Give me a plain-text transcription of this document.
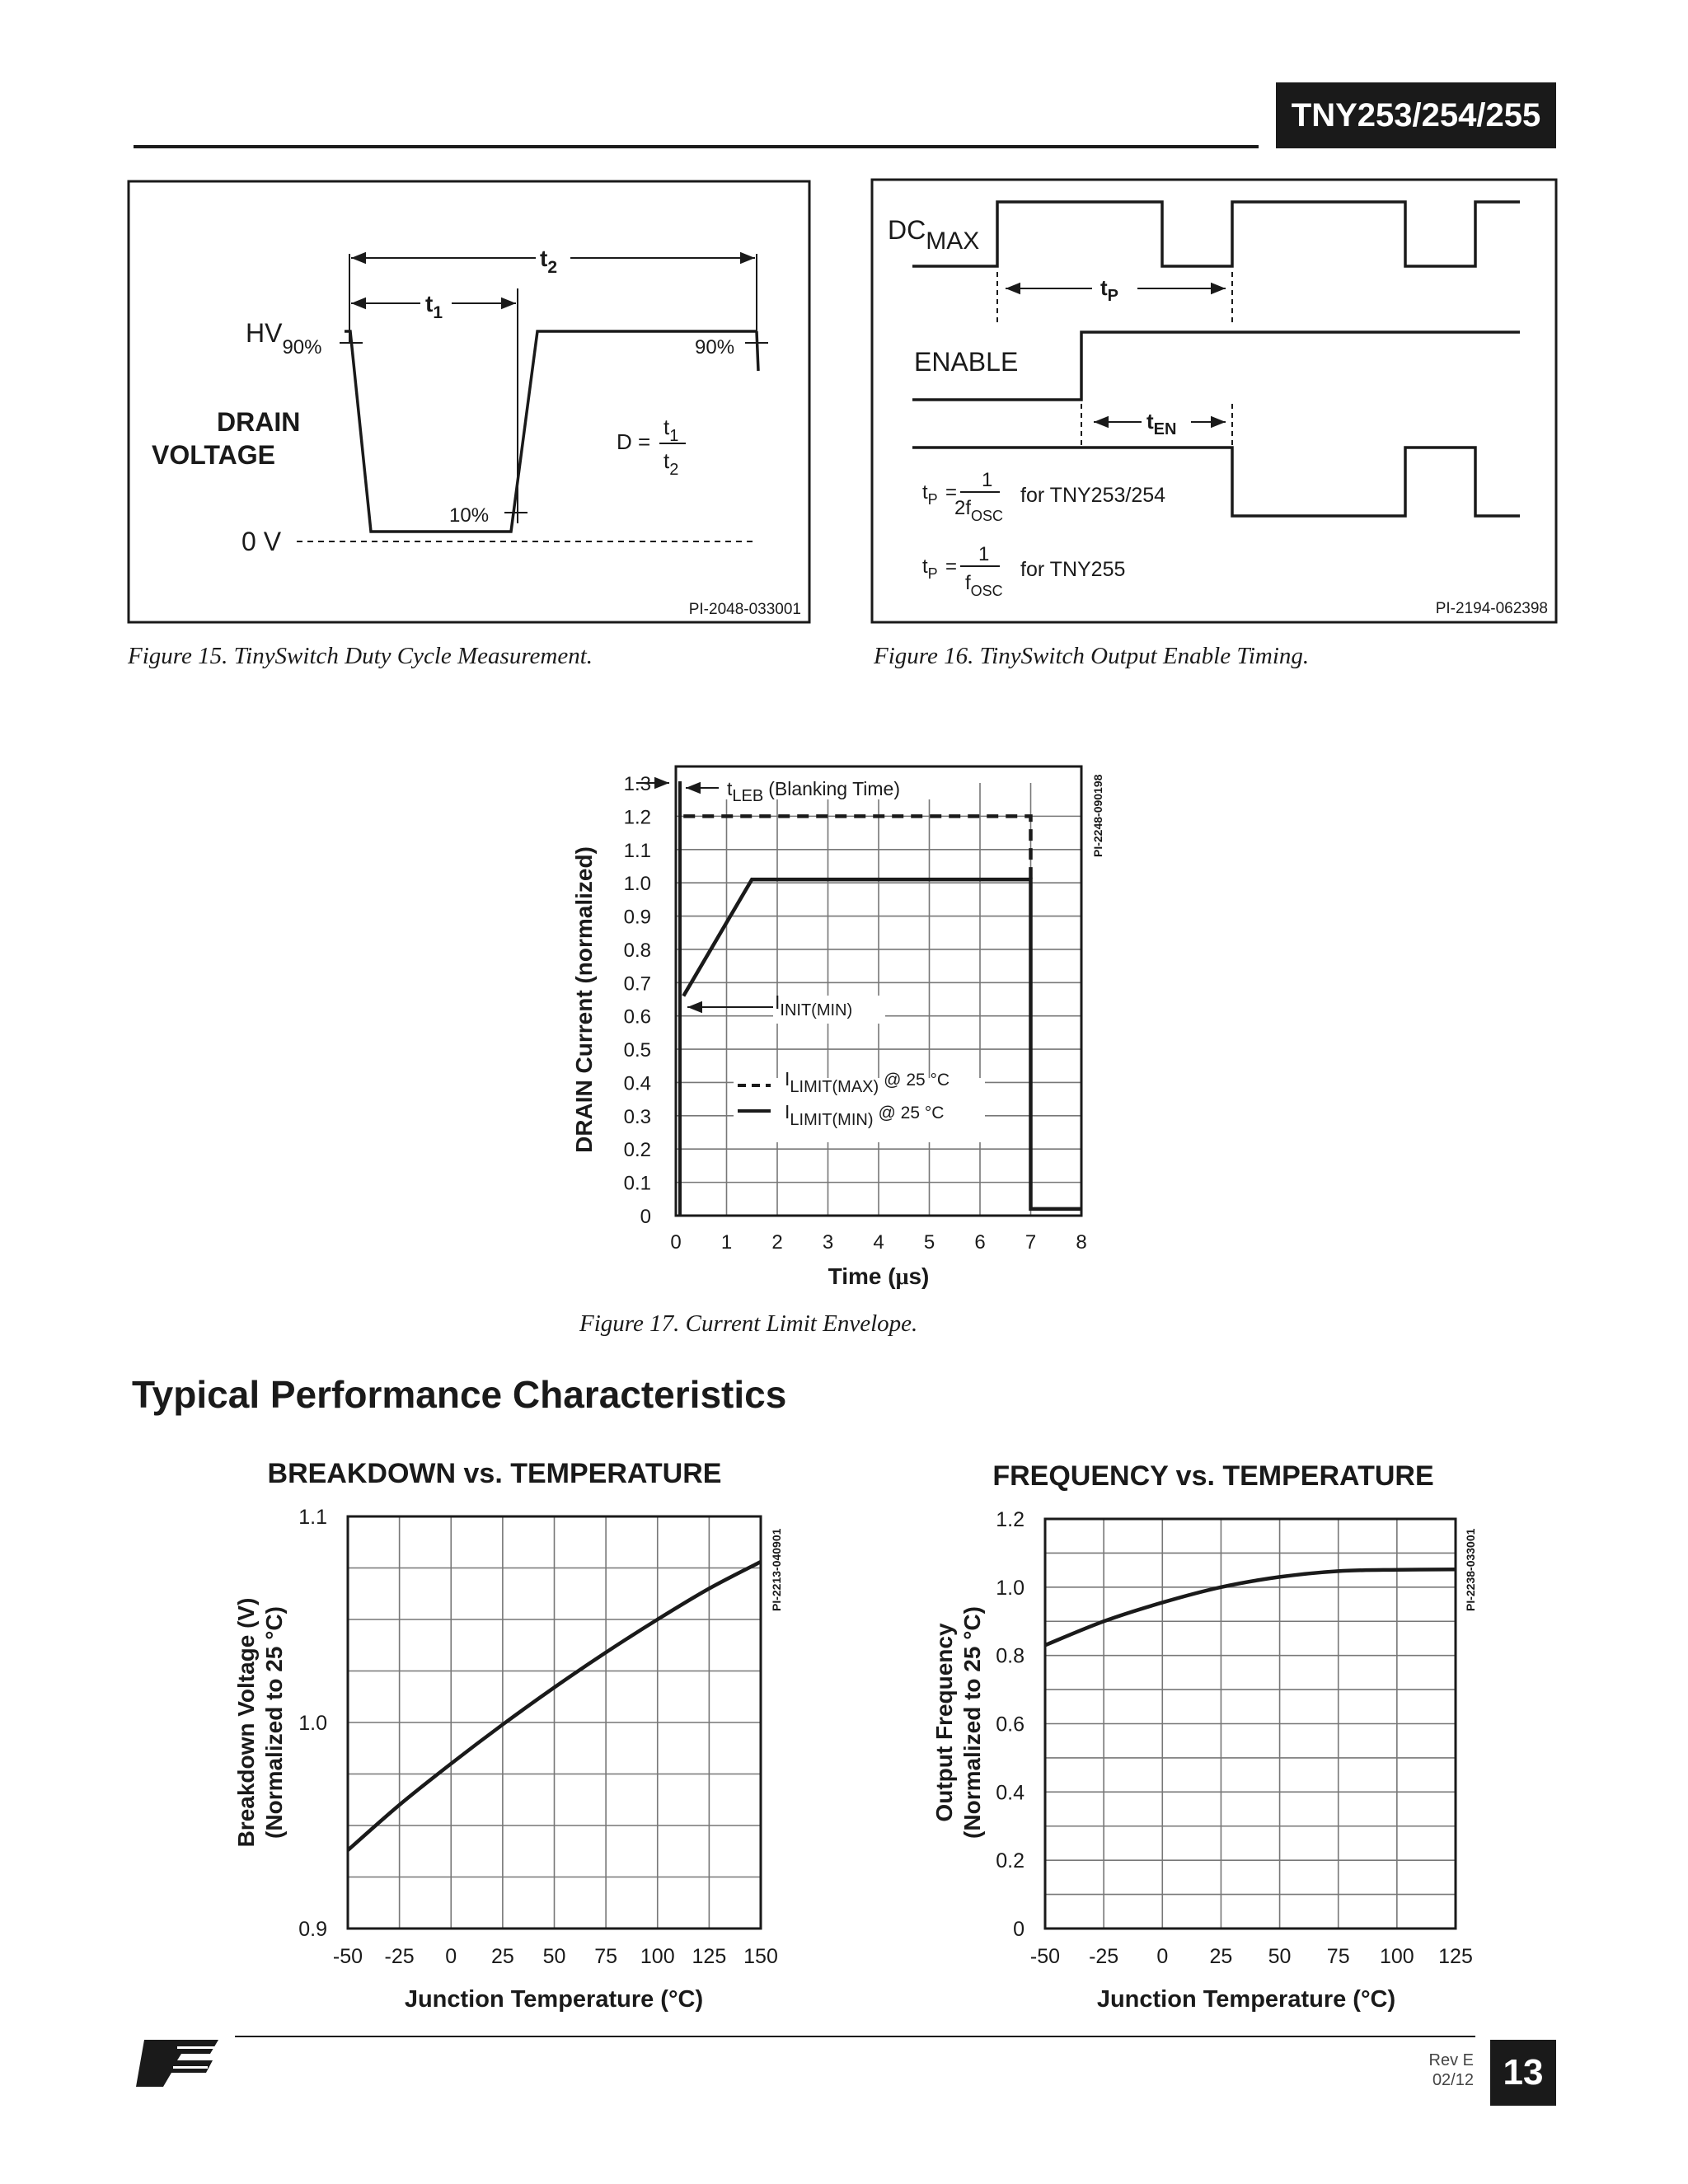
TNY253/254/255
$t_2$
$t_1$
$HV_{90\%}$	90%
10%
DRAIN
VOLTAGE
0 V
D =
$t_1$
$t_2$
PI-2048-033001
Figure 15. TinySwitch Duty Cycle Measurement.
$t_P$
$t_{EN}$
DCMAX
ENABLE
$t_P$ =
1
$2f_{OSC}$
for TNY253/254
$t_P$ =
1
$f_{OSC}$
for TNY255
PI-2194-062398
Figure 16. TinySwitch Output Enable Timing.
0 1 2 3 4 5 6 7 8
0
0.1
0.2
0.3
0.4
0.5
0.6
0.7
0.8
0.9
1.0
1.1
1.2
1.3	tLEB (Blanking Time)
IINIT(MIN)
ILIMIT(MAX) @ 25 °C
ILIMIT(MIN) @ 25 °C
PI-2248-090198
DRAIN Current (normalized)
Time (μs)
Figure 17. Current Limit Envelope.
Typical Performance Characteristics
BREAKDOWN vs. TEMPERATURE
-50 -25 0 25 50 75 100 125 150
0.9
1.0
1.1
PI-2213-040901
Breakdown Voltage (V) (Normalized to 25 °C)
Junction Temperature (°C)
FREQUENCY vs. TEMPERATURE
-50 -25 0 25 50 75 100 125
0
0.2
0.4
0.6
0.8
1.0
1.2
PI-2238-033001
Output Frequency (Normalized to 25 °C)
Junction Temperature (°C)
Rev E
02/12 13
